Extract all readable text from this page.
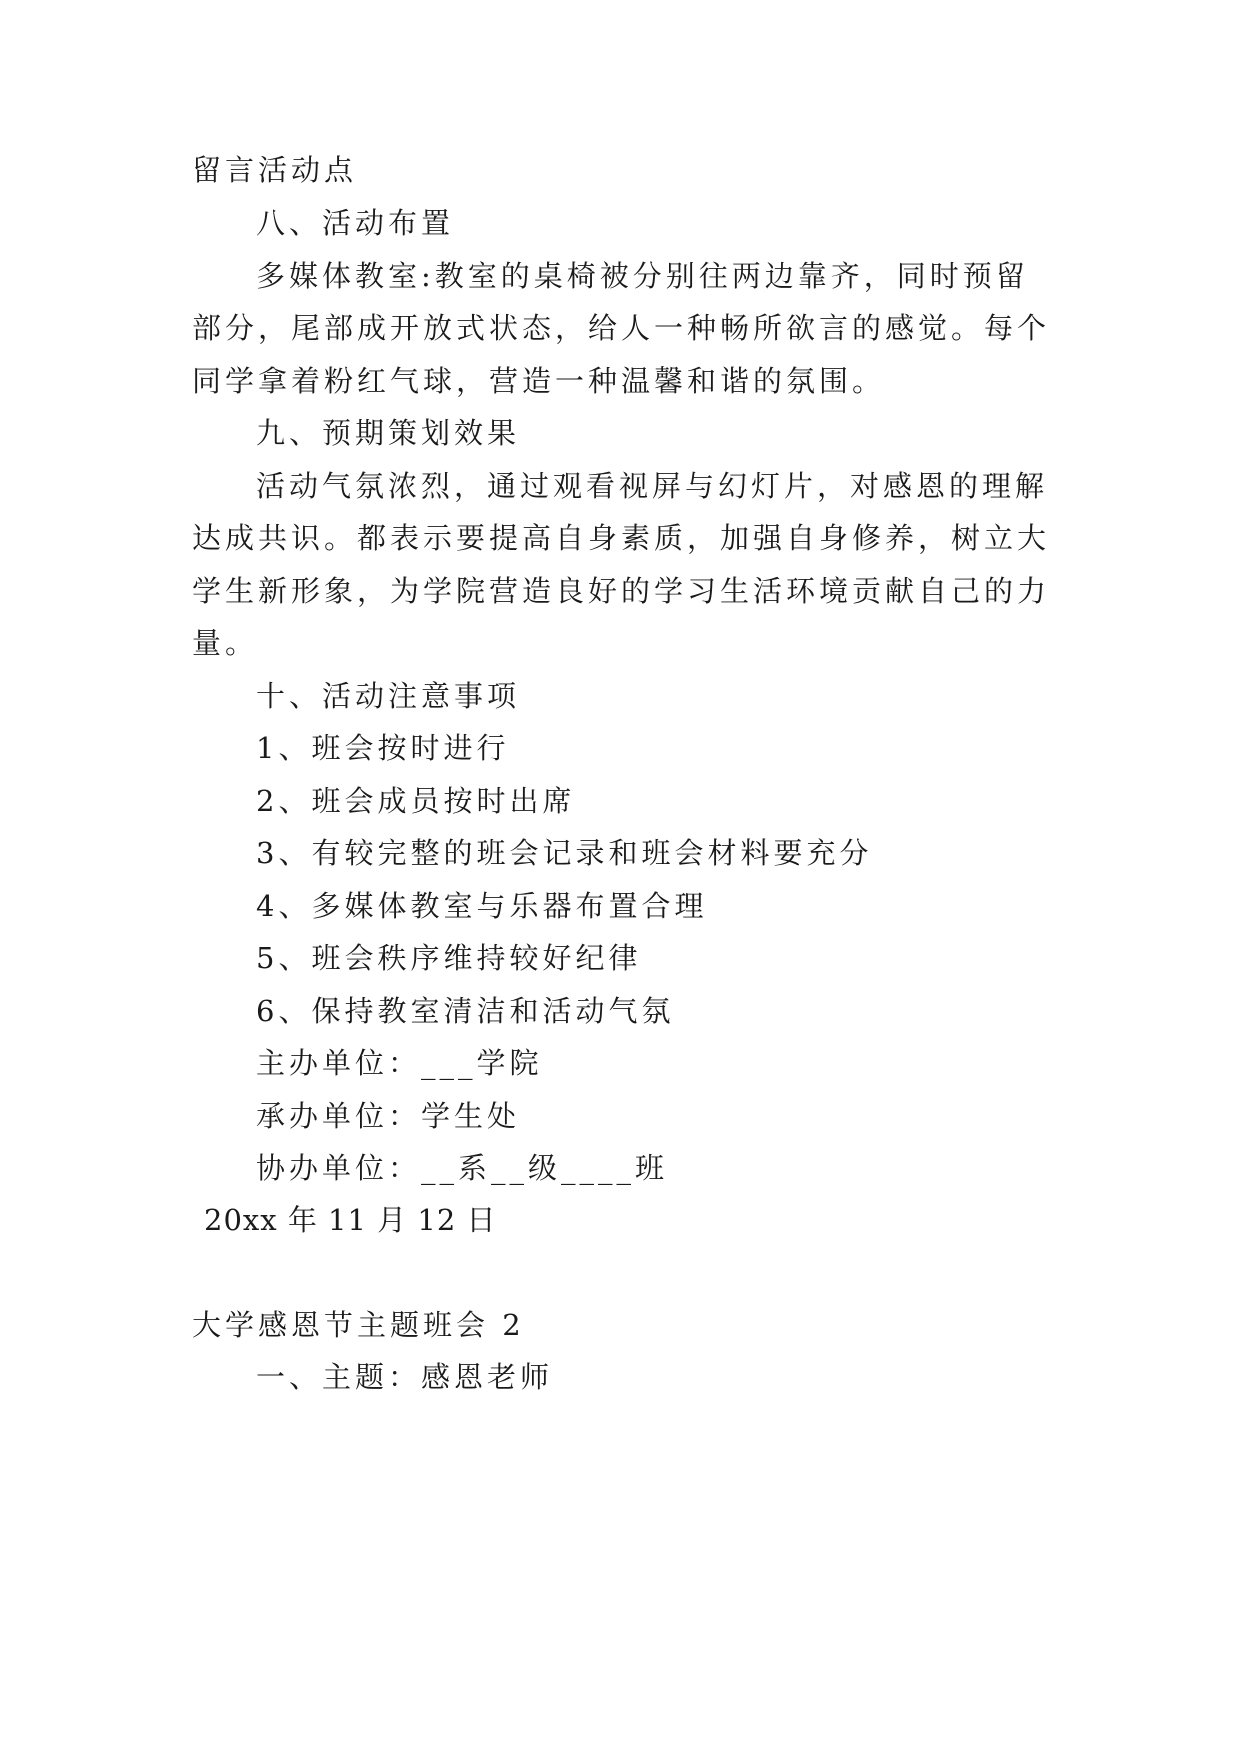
留言活动点
八、活动布置
多媒体教室:教室的桌椅被分别往两边靠齐，同时预留
部分，尾部成开放式状态，给人一种畅所欲言的感觉。每个
同学拿着粉红气球，营造一种温馨和谐的氛围。
九、预期策划效果
活动气氛浓烈，通过观看视屏与幻灯片，对感恩的理解
达成共识。都表示要提高自身素质，加强自身修养，树立大
学生新形象，为学院营造良好的学习生活环境贡献自己的力
量。
十、活动注意事项
1、班会按时进行
2、班会成员按时出席
3、有较完整的班会记录和班会材料要充分
4、多媒体教室与乐器布置合理
5、班会秩序维持较好纪律
6、保持教室清洁和活动气氛
主办单位：___学院
承办单位：学生处
协办单位：__系__级____班
20xx 年 11 月 12 日
大学感恩节主题班会 2
一、主题：感恩老师
